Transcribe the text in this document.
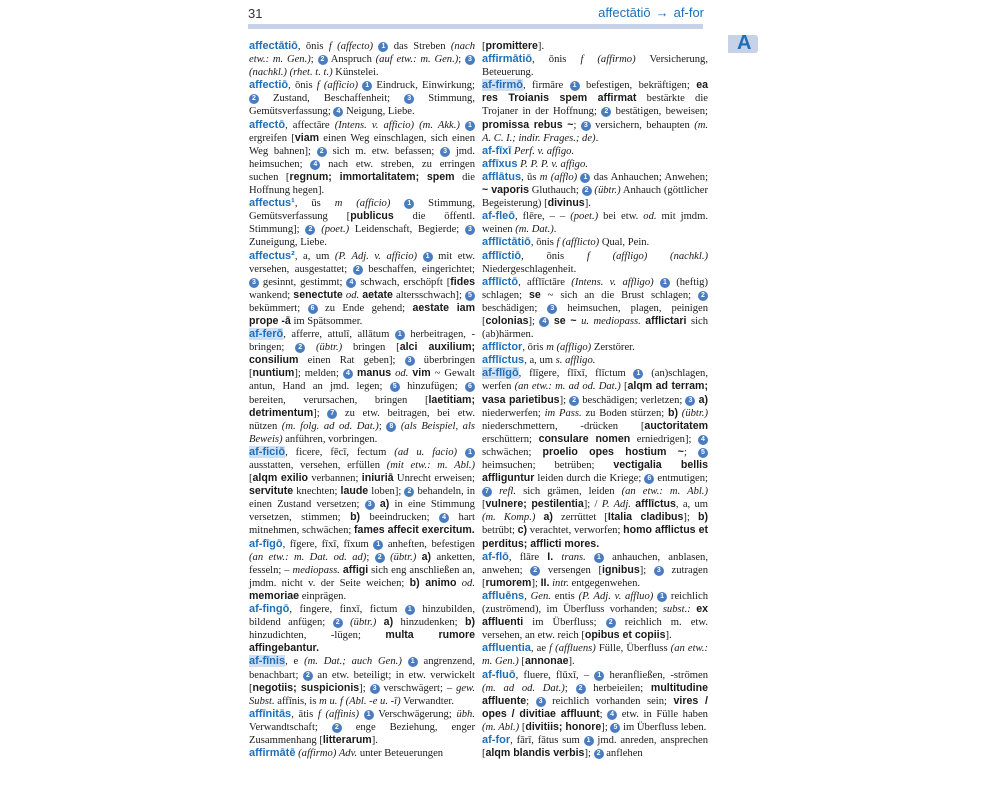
31	affectātiō → af-for
A

affectātiō, ōnis f (affecto) 1 das Streben (nach etw.: m. Gen.); 2 Anspruch (auf etw.: m. Gen.); 3 (nachkl.) (rhet. t. t.) Künstelei.

affectiō, ōnis f (afficio) 1 Eindruck, Einwirkung; 2 Zustand, Beschaffenheit; 3 Stimmung, Gemütsverfassung; 4 Neigung, Liebe.

affectō, affectāre (Intens. v. afficio) (m. Akk.) 1 ergreifen [viam einen Weg einschlagen, sich einen Weg bahnen]; 2 sich m. etw. befassen; 3 jmd. heimsuchen; 4 nach etw. streben, zu erringen suchen [regnum; immortalitatem; spem die Hoffnung hegen].

affectus¹, ūs m (afficio) 1 Stimmung, Gemütsverfassung [publicus die öffentl. Stimmung]; 2 (poet.) Leidenschaft, Begierde; 3 Zuneigung, Liebe.

affectus², a, um (P. Adj. v. afficio) 1 mit etw. versehen, ausgestattet; 2 beschaffen, eingerichtet; 3 gesinnt, gestimmt; 4 schwach, erschöpft [fides wankend; senectute od. aetate altersschwach]; 5 bekümmert; 6 zu Ende gehend; aestate iam prope -ā im Spätsommer.

af-ferō, afferre, attulī, allātum 1 herbeitragen, -bringen; 2 (übtr.) bringen [alci auxilium; consilium einen Rat geben]; 3 überbringen [nuntium]; melden; 4 manus od. vim ~ Gewalt antun, Hand an jmd. legen; 5 hinzufügen; 6 bereiten, verursachen, bringen [laetitiam; detrimentum]; 7 zu etw. beitragen, bei etw. nützen (m. folg. ad od. Dat.); 8 (als Beispiel, als Beweis) anführen, vorbringen.

af-ficiō, ficere, fēcī, fectum (ad u. facio) 1 ausstatten, versehen, erfüllen (mit etw.: m. Abl.) [alqm exilio verbannen; iniuriā Unrecht erweisen; servitute knechten; laude loben]; 2 behandeln, in einen Zustand versetzen; 3 a) in eine Stimmung versetzen, stimmen; b) beeindrucken; 4 hart mitnehmen, schwächen; fames affecit exercitum.

af-fīgō, fīgere, fīxī, fīxum 1 anheften, befestigen (an etw.: m. Dat. od. ad); 2 (übtr.) a) anketten, fesseln; – mediopass. affigi sich eng anschließen an, jmdm. nicht v. der Seite weichen; b) animo od. memoriae einprägen.

af-fingō, fingere, finxī, fictum 1 hinzubilden, bildend anfügen; 2 (übtr.) a) hinzudenken; b) hinzudichten, -lügen; multa rumore affingebantur.

af-fīnis, e (m. Dat.; auch Gen.) 1 angrenzend, benachbart; 2 an etw. beteiligt; in etw. verwickelt [negotiis; suspicionis]; 3 verschwägert; – gew. Subst. affīnis, is m u. f (Abl. -e u. -ī) Verwandter.

affīnitās, ātis f (affinis) 1 Verschwägerung; übh. Verwandtschaft; 2 enge Beziehung, enger Zusammenhang [litterarum].

affirmātē (affirmo) Adv. unter Beteuerungen

[promittere].

affirmātiō, ōnis f (affirmo) Versicherung, Beteuerung.

af-firmō, firmāre 1 befestigen, bekräftigen; ea res Troianis spem affirmat bestärkte die Trojaner in der Hoffnung; 2 bestätigen, beweisen; promissa rebus ~; 3 versichern, behaupten (m. A. C. I.; indir. Frages.; de).

af-fīxī Perf. v. affigo.

affīxus P. P. P. v. affigo.

afflātus, ūs m (afflo) 1 das Anhauchen; Anwehen; ~ vaporis Gluthauch; 2 (übtr.) Anhauch (göttlicher Begeisterung) [divinus].

af-fleō, flēre, – – (poet.) bei etw. od. mit jmdm. weinen (m. Dat.).

afflīctātiō, ōnis f (afflicto) Qual, Pein.

afflīctiō, ōnis f (affligo) (nachkl.) Niedergeschlagenheit.

afflīctō, afflīctāre (Intens. v. affligo) 1 (heftig) schlagen; se ~ sich an die Brust schlagen; 2 beschädigen; 3 heimsuchen, plagen, peinigen [colonias]; 4 se ~ u. mediopass. afflictari sich (ab)härmen.

afflīctor, ōris m (affligo) Zerstörer.

afflīctus, a, um s. affligo.

af-flīgō, flīgere, flīxī, flīctum 1 (an)schlagen, werfen (an etw.: m. ad od. Dat.) [alqm ad terram; vasa parietibus]; 2 beschädigen; verletzen; 3 a) niederwerfen; im Pass. zu Boden stürzen; b) (übtr.) niederschmettern, -drücken [auctoritatem erschüttern; consulare nomen erniedrigen]; 4 schwächen; proelio opes hostium ~; 5 heimsuchen; betrüben; vectigalia bellis affliguntur leiden durch die Kriege; 6 entmutigen; 7 refl. sich grämen, leiden (an etw.: m. Abl.) [vulnere; pestilentia]; / P. Adj. afflīctus, a, um (m. Komp.) a) zerrüttet [Italia cladibus]; b) betrübt; c) verachtet, verworfen; homo afflictus et perditus; afflicti mores.

af-flō, flāre I. trans. 1 anhauchen, anblasen, anwehen; 2 versengen [ignibus]; 3 zutragen [rumorem]; II. intr. entgegenwehen.

affluēns, Gen. entis (P. Adj. v. affluo) 1 reichlich (zuströmend), im Überfluss vorhanden; subst.: ex affluenti im Überfluss; 2 reichlich m. etw. versehen, an etw. reich [opibus et copiis].

affluentia, ae f (affluens) Fülle, Überfluss (an etw.: m. Gen.) [annonae].

af-fluō, fluere, flūxī, – 1 heranfließen, -strömen (m. ad od. Dat.); 2 herbeieilen; multitudine affluente; 3 reichlich vorhanden sein; vires / opes / divitiae affluunt; 4 etw. in Fülle haben (m. Abl.) [divitiis; honore]; 5 im Überfluss leben.

af-for, fārī, fātus sum 1 jmd. anreden, ansprechen [alqm blandis verbis]; 2 anflehen
